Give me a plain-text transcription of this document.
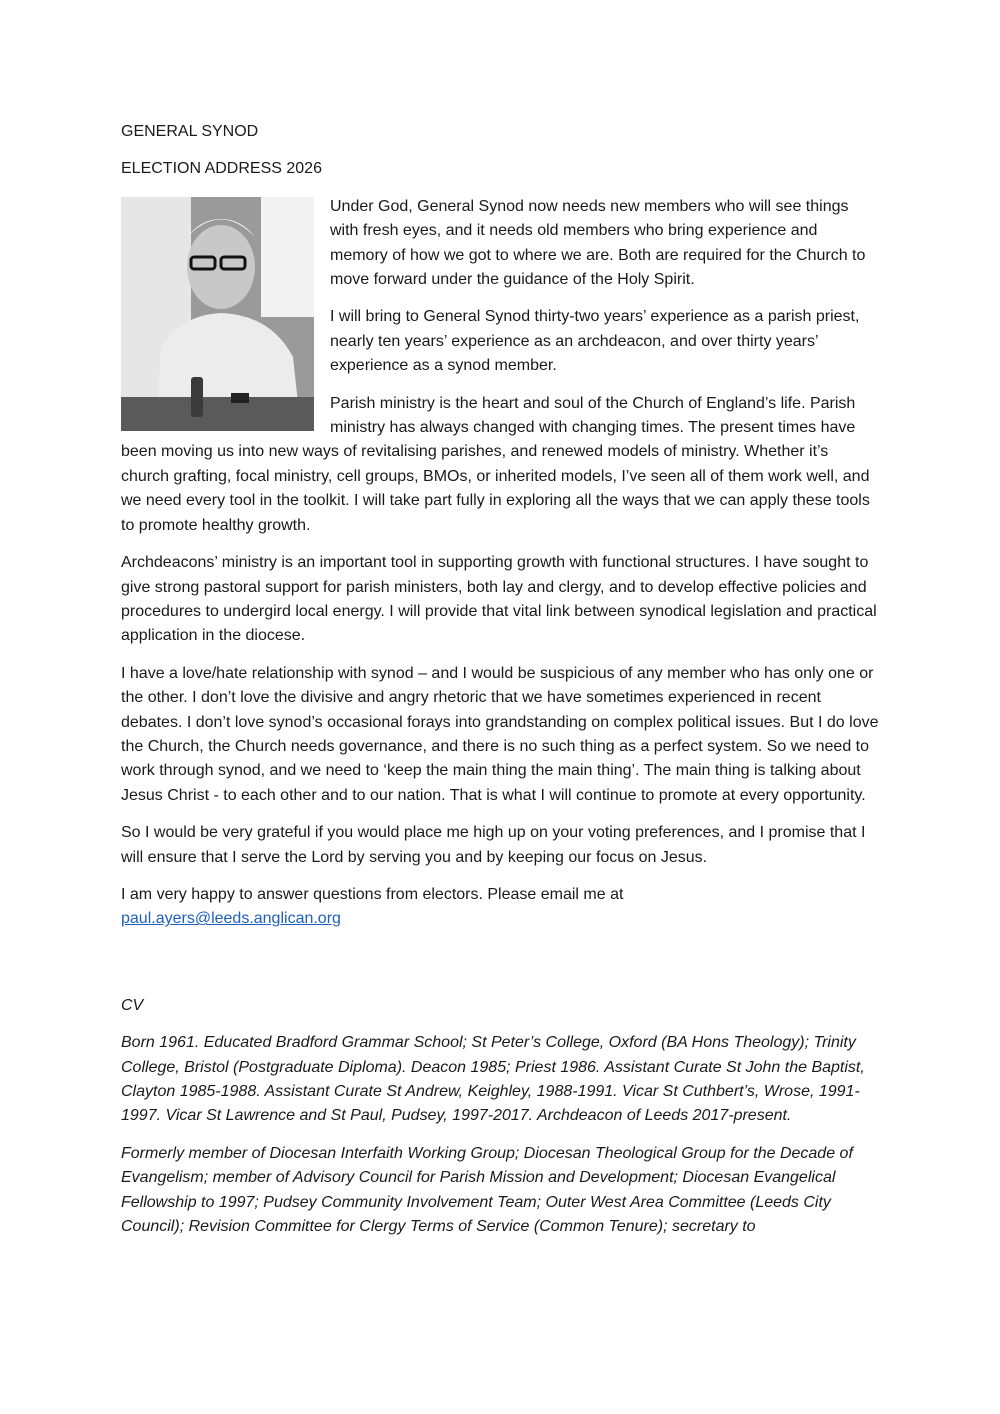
GENERAL SYNOD
ELECTION ADDRESS 2026

Under God, General Synod now needs new members who will see things with fresh eyes, and it needs old members who bring experience and memory of how we got to where we are. Both are required for the Church to move forward under the guidance of the Holy Spirit.

I will bring to General Synod thirty-two years’ experience as a parish priest, nearly ten years’ experience as an archdeacon, and over thirty years’ experience as a synod member.

Parish ministry is the heart and soul of the Church of England’s life. Parish ministry has always changed with changing times. The present times have been moving us into new ways of revitalising parishes, and renewed models of ministry. Whether it’s church grafting, focal ministry, cell groups, BMOs, or inherited models, I’ve seen all of them work well, and we need every tool in the toolkit. I will take part fully in exploring all the ways that we can apply these tools to promote healthy growth.

Archdeacons’ ministry is an important tool in supporting growth with functional structures. I have sought to give strong pastoral support for parish ministers, both lay and clergy, and to develop effective policies and procedures to undergird local energy. I will provide that vital link between synodical legislation and practical application in the diocese.

I have a love/hate relationship with synod – and I would be suspicious of any member who has only one or the other. I don’t love the divisive and angry rhetoric that we have sometimes experienced in recent debates. I don’t love synod’s occasional forays into grandstanding on complex political issues. But I do love the Church, the Church needs governance, and there is no such thing as a perfect system. So we need to work through synod, and we need to ‘keep the main thing the main thing’. The main thing is talking about Jesus Christ - to each other and to our nation. That is what I will continue to promote at every opportunity.

So I would be very grateful if you would place me high up on your voting preferences, and I promise that I will ensure that I serve the Lord by serving you and by keeping our focus on Jesus.

I am very happy to answer questions from electors. Please email me at
paul.ayers@leeds.anglican.org

CV

Born 1961. Educated Bradford Grammar School; St Peter’s College, Oxford (BA Hons Theology); Trinity College, Bristol (Postgraduate Diploma). Deacon 1985; Priest 1986. Assistant Curate St John the Baptist, Clayton 1985-1988. Assistant Curate St Andrew, Keighley, 1988-1991. Vicar St Cuthbert’s, Wrose, 1991-1997. Vicar St Lawrence and St Paul, Pudsey, 1997-2017. Archdeacon of Leeds 2017-present.

Formerly member of Diocesan Interfaith Working Group; Diocesan Theological Group for the Decade of Evangelism; member of Advisory Council for Parish Mission and Development; Diocesan Evangelical Fellowship to 1997; Pudsey Community Involvement Team; Outer West Area Committee (Leeds City Council); Revision Committee for Clergy Terms of Service (Common Tenure); secretary to
